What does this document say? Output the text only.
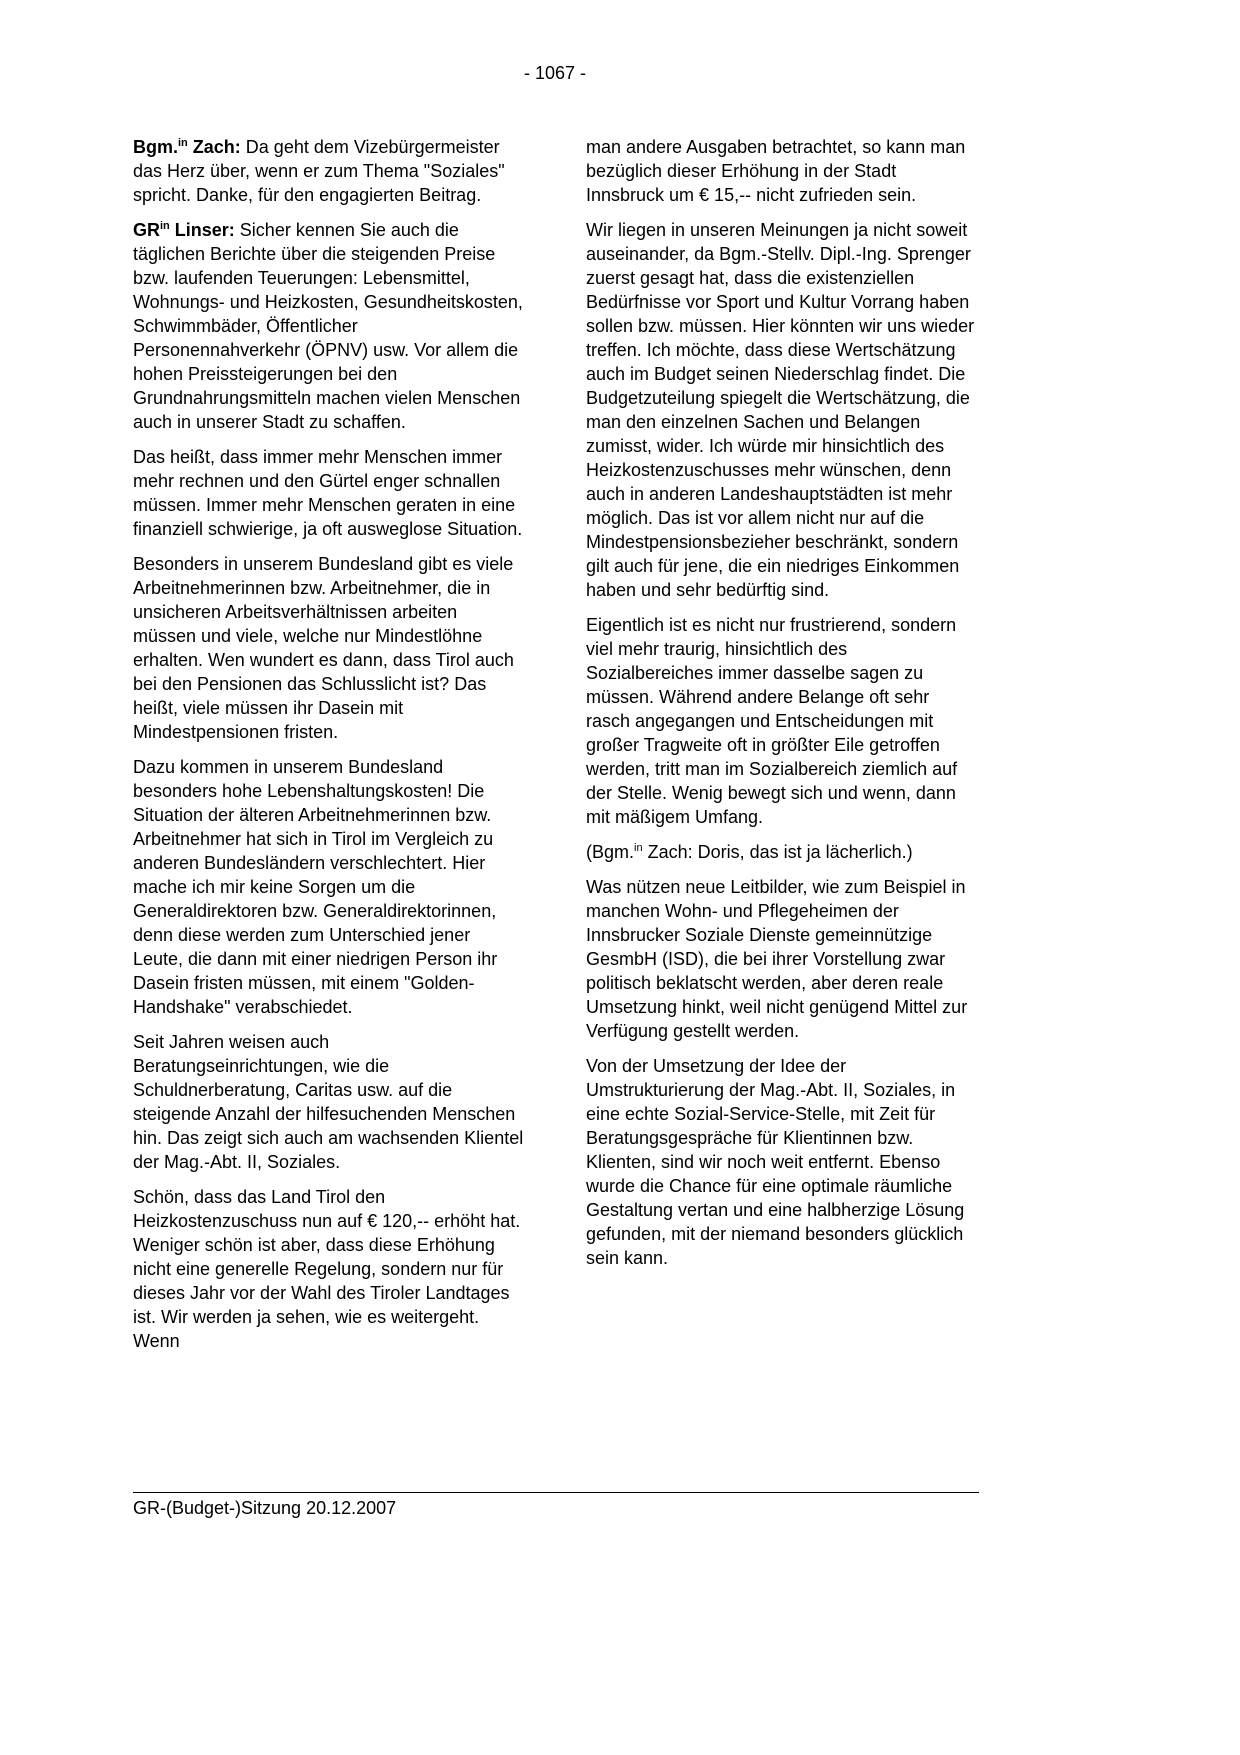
- 1067 -

Bgm.$^{in}$ Zach: Da geht dem Vizebürgermeister das Herz über, wenn er zum Thema "Soziales" spricht. Danke, für den engagierten Beitrag.

$GR^{in}$ Linser: Sicher kennen Sie auch die täglichen Berichte über die steigenden Preise bzw. laufenden Teuerungen: Lebensmittel, Wohnungs- und Heizkosten, Gesundheitskosten, Schwimmbäder, Öffentlicher Personennahverkehr (ÖPNV) usw. Vor allem die hohen Preissteigerungen bei den Grundnahrungsmitteln machen vielen Menschen auch in unserer Stadt zu schaffen.

Das heißt, dass immer mehr Menschen immer mehr rechnen und den Gürtel enger schnallen müssen. Immer mehr Menschen geraten in eine finanziell schwierige, ja oft ausweglose Situation.

Besonders in unserem Bundesland gibt es viele Arbeitnehmerinnen bzw. Arbeitnehmer, die in unsicheren Arbeitsverhältnissen arbeiten müssen und viele, welche nur Mindestlöhne erhalten. Wen wundert es dann, dass Tirol auch bei den Pensionen das Schlusslicht ist? Das heißt, viele müssen ihr Dasein mit Mindestpensionen fristen.

Dazu kommen in unserem Bundesland besonders hohe Lebenshaltungskosten! Die Situation der älteren Arbeitnehmerinnen bzw. Arbeitnehmer hat sich in Tirol im Vergleich zu anderen Bundesländern verschlechtert. Hier mache ich mir keine Sorgen um die Generaldirektoren bzw. Generaldirektorinnen, denn diese werden zum Unterschied jener Leute, die dann mit einer niedrigen Person ihr Dasein fristen müssen, mit einem "Golden-Handshake" verabschiedet.

Seit Jahren weisen auch Beratungseinrichtungen, wie die Schuldnerberatung, Caritas usw. auf die steigende Anzahl der hilfesuchenden Menschen hin. Das zeigt sich auch am wachsenden Klientel der Mag.-Abt. II, Soziales.

Schön, dass das Land Tirol den Heizkostenzuschuss nun auf € 120,-- erhöht hat. Weniger schön ist aber, dass diese Erhöhung nicht eine generelle Regelung, sondern nur für dieses Jahr vor der Wahl des Tiroler Landtages ist. Wir werden ja sehen, wie es weitergeht. Wenn

man andere Ausgaben betrachtet, so kann man bezüglich dieser Erhöhung in der Stadt Innsbruck um € 15,-- nicht zufrieden sein.

Wir liegen in unseren Meinungen ja nicht soweit auseinander, da Bgm.-Stellv. Dipl.-Ing. Sprenger zuerst gesagt hat, dass die existenziellen Bedürfnisse vor Sport und Kultur Vorrang haben sollen bzw. müssen. Hier könnten wir uns wieder treffen. Ich möchte, dass diese Wertschätzung auch im Budget seinen Niederschlag findet. Die Budgetzuteilung spiegelt die Wertschätzung, die man den einzelnen Sachen und Belangen zumisst, wider. Ich würde mir hinsichtlich des Heizkostenzuschusses mehr wünschen, denn auch in anderen Landeshauptstädten ist mehr möglich. Das ist vor allem nicht nur auf die Mindestpensionsbezieher beschränkt, sondern gilt auch für jene, die ein niedriges Einkommen haben und sehr bedürftig sind.

Eigentlich ist es nicht nur frustrierend, sondern viel mehr traurig, hinsichtlich des Sozialbereiches immer dasselbe sagen zu müssen. Während andere Belange oft sehr rasch angegangen und Entscheidungen mit großer Tragweite oft in größter Eile getroffen werden, tritt man im Sozialbereich ziemlich auf der Stelle. Wenig bewegt sich und wenn, dann mit mäßigem Umfang.

(Bgm.$^{in}$ Zach: Doris, das ist ja lächerlich.)

Was nützen neue Leitbilder, wie zum Beispiel in manchen Wohn- und Pflegeheimen der Innsbrucker Soziale Dienste gemeinnützige GesmbH (ISD), die bei ihrer Vorstellung zwar politisch beklatscht werden, aber deren reale Umsetzung hinkt, weil nicht genügend Mittel zur Verfügung gestellt werden.

Von der Umsetzung der Idee der Umstrukturierung der Mag.-Abt. II, Soziales, in eine echte Sozial-Service-Stelle, mit Zeit für Beratungsgespräche für Klientinnen bzw. Klienten, sind wir noch weit entfernt. Ebenso wurde die Chance für eine optimale räumliche Gestaltung vertan und eine halbherzige Lösung gefunden, mit der niemand besonders glücklich sein kann.

GR-(Budget-)Sitzung 20.12.2007
